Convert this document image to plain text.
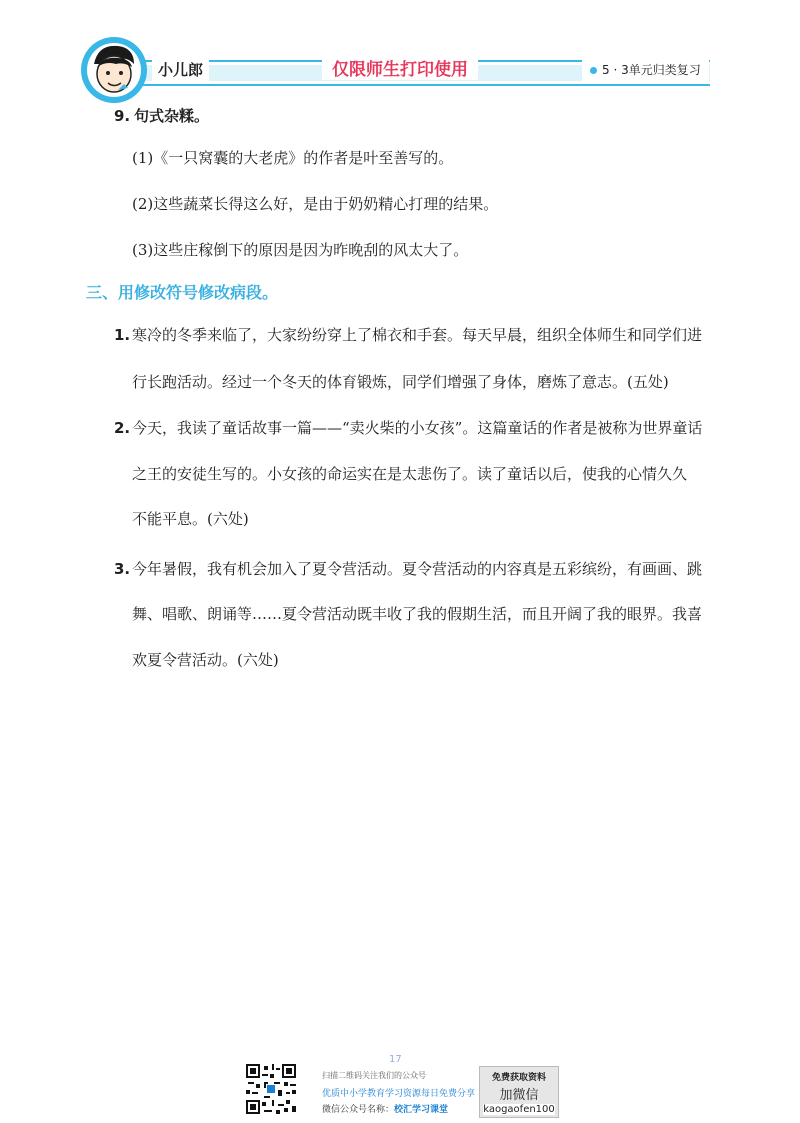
小儿郎	仅限师生打印使用	5 · 3单元归类复习
9. 句式杂糅。
(1)《一只窝囊的大老虎》的作者是叶至善写的。
(2)这些蔬菜长得这么好，是由于奶奶精心打理的结果。
(3)这些庄稼倒下的原因是因为昨晚刮的风太大了。
三、用修改符号修改病段。
1. 寒冷的冬季来临了，大家纷纷穿上了棉衣和手套。每天早晨，组织全体师生和同学们进
行长跑活动。经过一个冬天的体育锻炼，同学们增强了身体，磨炼了意志。(五处)
2. 今天，我读了童话故事一篇——“卖火柴的小女孩”。这篇童话的作者是被称为世界童话
之王的安徒生写的。小女孩的命运实在是太悲伤了。读了童话以后，使我的心情久久
不能平息。(六处)
3. 今年暑假，我有机会加入了夏令营活动。夏令营活动的内容真是五彩缤纷，有画画、跳
舞、唱歌、朗诵等……夏令营活动既丰收了我的假期生活，而且开阔了我的眼界。我喜
欢夏令营活动。(六处)
17
扫描二维码关注我们的公众号
优质中小学教育学习资源每日免费分享
微信公众号名称：校汇学习课堂
免费获取资料
加微信
kaogaofen100
